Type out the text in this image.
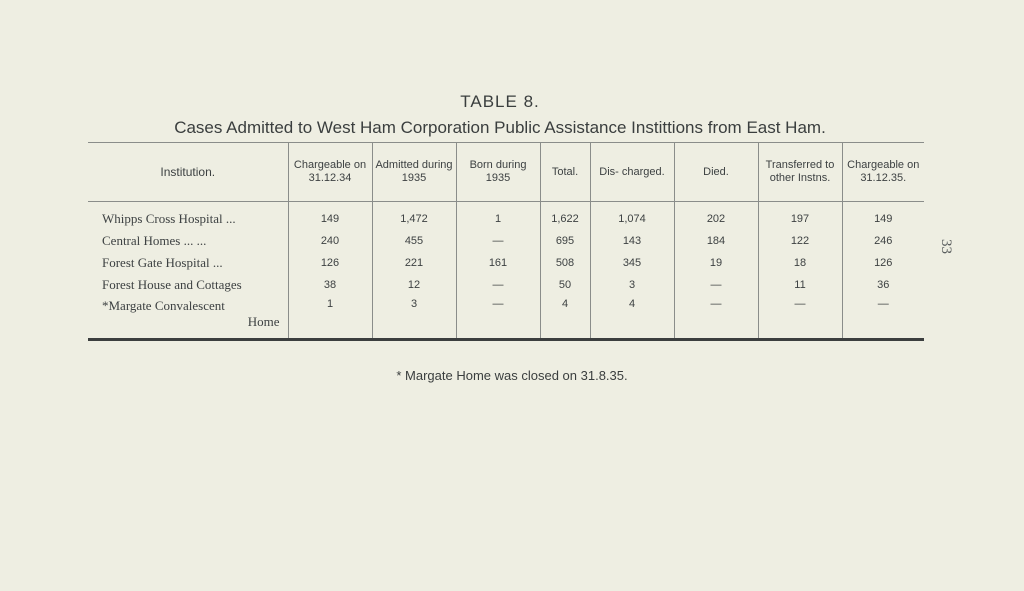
33
TABLE 8.
Cases Admitted to West Ham Corporation Public Assistance Instittions from East Ham.
Institution.	Chargeable on 31.12.34	Admitted during 1935	Born during 1935	Total.	Dis- charged.	Died.	Transferred to other Instns.	Chargeable on 31.12.35.
Whipps Cross Hospital ...	149	1,472	1	1,622	1,074	202	197	149
Central Homes ... ...	240	455	—	695	143	184	122	246
Forest Gate Hospital ...	126	221	161	508	345	19	18	126
Forest House and Cottages	38	12	—	50	3	—	11	36
*Margate Convalescent
Home	1	3	—	4	4	—	—	—
* Margate Home was closed on 31.8.35.
